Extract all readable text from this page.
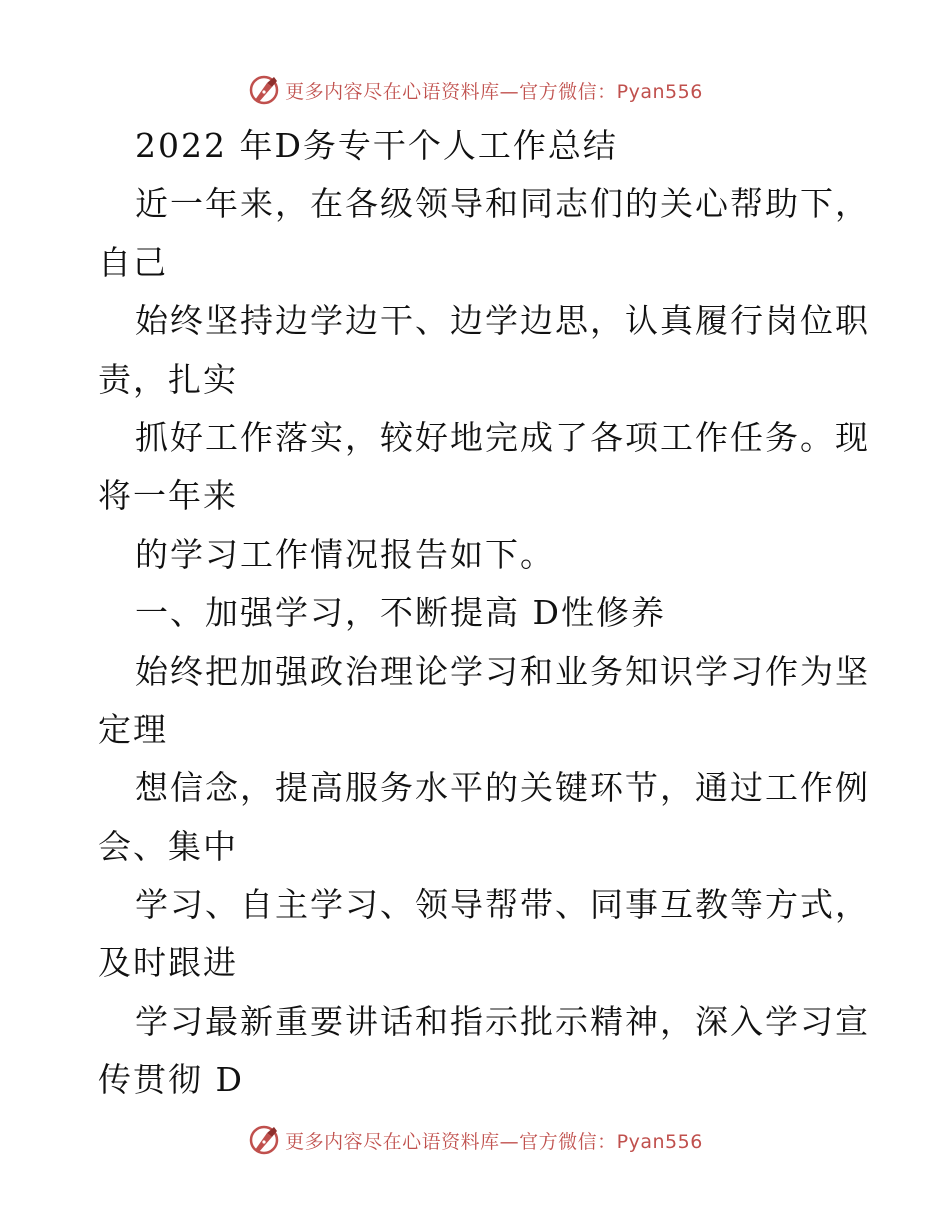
更多内容尽在心语资料库—官方微信：Pyan556
2022 年D务专干个人工作总结
近一年来，在各级领导和同志们的关心帮助下，
自己
始终坚持边学边干、边学边思，认真履行岗位职
责，扎实
抓好工作落实，较好地完成了各项工作任务。现
将一年来
的学习工作情况报告如下。
一、加强学习，不断提高 D性修养
始终把加强政治理论学习和业务知识学习作为坚
定理
想信念，提高服务水平的关键环节，通过工作例
会、集中
学习、自主学习、领导帮带、同事互教等方式，
及时跟进
学习最新重要讲话和指示批示精神，深入学习宣
传贯彻 D
更多内容尽在心语资料库—官方微信：Pyan556
